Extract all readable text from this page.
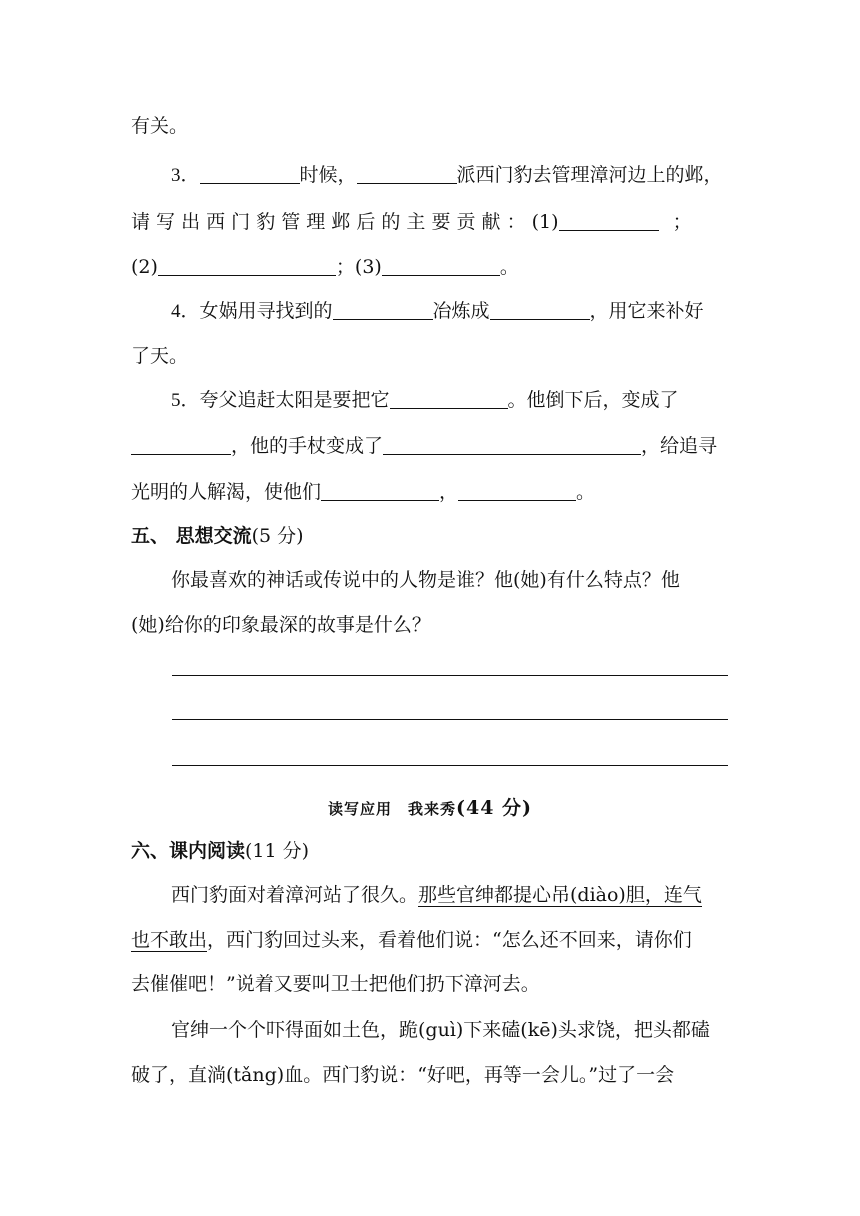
有关。
3．	时候，	派西门豹去管理漳河边上的邺，
请 写 出 西 门 豹 管 理 邺 后 的 主 要 贡 献 ： (1)	；
(2)	；(3)	。
4．女娲用寻找到的	冶炼成	，用它来补好
了天。
5．夸父追赶太阳是要把它	。他倒下后，变成了
，他的手杖变成了	，给追寻
光明的人解渴，使他们	，	。
五、 思想交流(5 分)
你最喜欢的神话或传说中的人物是谁？他(她)有什么特点？他
(她)给你的印象最深的故事是什么？
读写应用　我来秀(44 分)
六、课内阅读(11 分)
西门豹面对着漳河站了很久。那些官绅都提心吊(diào)胆，连气
也不敢出，西门豹回过头来，看着他们说：“怎么还不回来，请你们
去催催吧！”说着又要叫卫士把他们扔下漳河去。
官绅一个个吓得面如土色，跪(guì)下来磕(kē)头求饶，把头都磕
破了，直淌(tǎng)血。西门豹说：“好吧，再等一会儿。”过了一会
